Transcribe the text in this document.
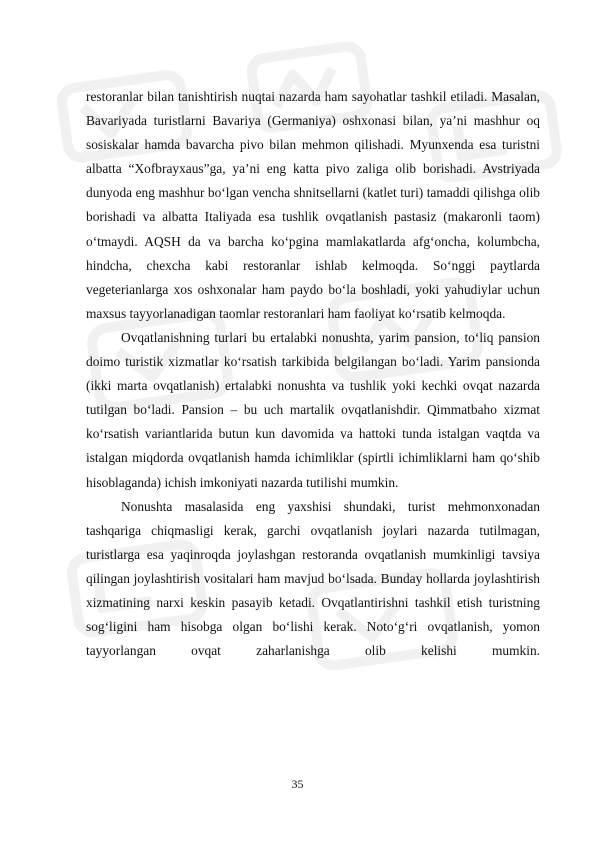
restoranlar bilan tanishtirish nuqtai nazarda ham sayohatlar tashkil etiladi. Masalan, Bavariyada turistlarni Bavariya (Germaniya) oshxonasi bilan, ya’ni mashhur oq sosiskalar hamda bavarcha pivo bilan mehmon qilishadi. Myunxenda esa turistni albatta “Xofbrayxaus”ga, ya’ni eng katta pivo zaliga olib borishadi. Avstriyada dunyoda eng mashhur bo‘lgan vencha shnitsellarni (katlet turi) tamaddi qilishga olib borishadi va albatta Italiyada esa tushlik ovqatlanish pastasiz (makaronli taom) o‘tmaydi. AQSH da va barcha ko‘pgina mamlakatlarda afg‘oncha, kolumbcha, hindcha, chexcha kabi restoranlar ishlab kelmoqda. So‘nggi paytlarda vegeterianlarga xos oshxonalar ham paydo bo‘la boshladi, yoki yahudiylar uchun maxsus tayyorlanadigan taomlar restoranlari ham faoliyat ko‘rsatib kelmoqda.

Ovqatlanishning turlari bu ertalabki nonushta, yarim pansion, to‘liq pansion doimo turistik xizmatlar ko‘rsatish tarkibida belgilangan bo‘ladi. Yarim pansionda (ikki marta ovqatlanish) ertalabki nonushta va tushlik yoki kechki ovqat nazarda tutilgan bo‘ladi. Pansion – bu uch martalik ovqatlanishdir. Qimmatbaho xizmat ko‘rsatish variantlarida butun kun davomida va hattoki tunda istalgan vaqtda va istalgan miqdorda ovqatlanish hamda ichimliklar (spirtli ichimliklarni ham qo‘shib hisoblaganda) ichish imkoniyati nazarda tutilishi mumkin.

Nonushta masalasida eng yaxshisi shundaki, turist mehmonxonadan tashqariga chiqmasligi kerak, garchi ovqatlanish joylari nazarda tutilmagan, turistlarga esa yaqinroqda joylashgan restoranda ovqatlanish mumkinligi tavsiya qilingan joylashtirish vositalari ham mavjud bo‘lsada. Bunday hollarda joylashtirish xizmatining narxi keskin pasayib ketadi. Ovqatlantirishni tashkil etish turistning sog‘ligini ham hisobga olgan bo‘lishi kerak. Noto‘g‘ri ovqatlanish, yomon tayyorlangan ovqat zaharlanishga olib kelishi mumkin.

35
